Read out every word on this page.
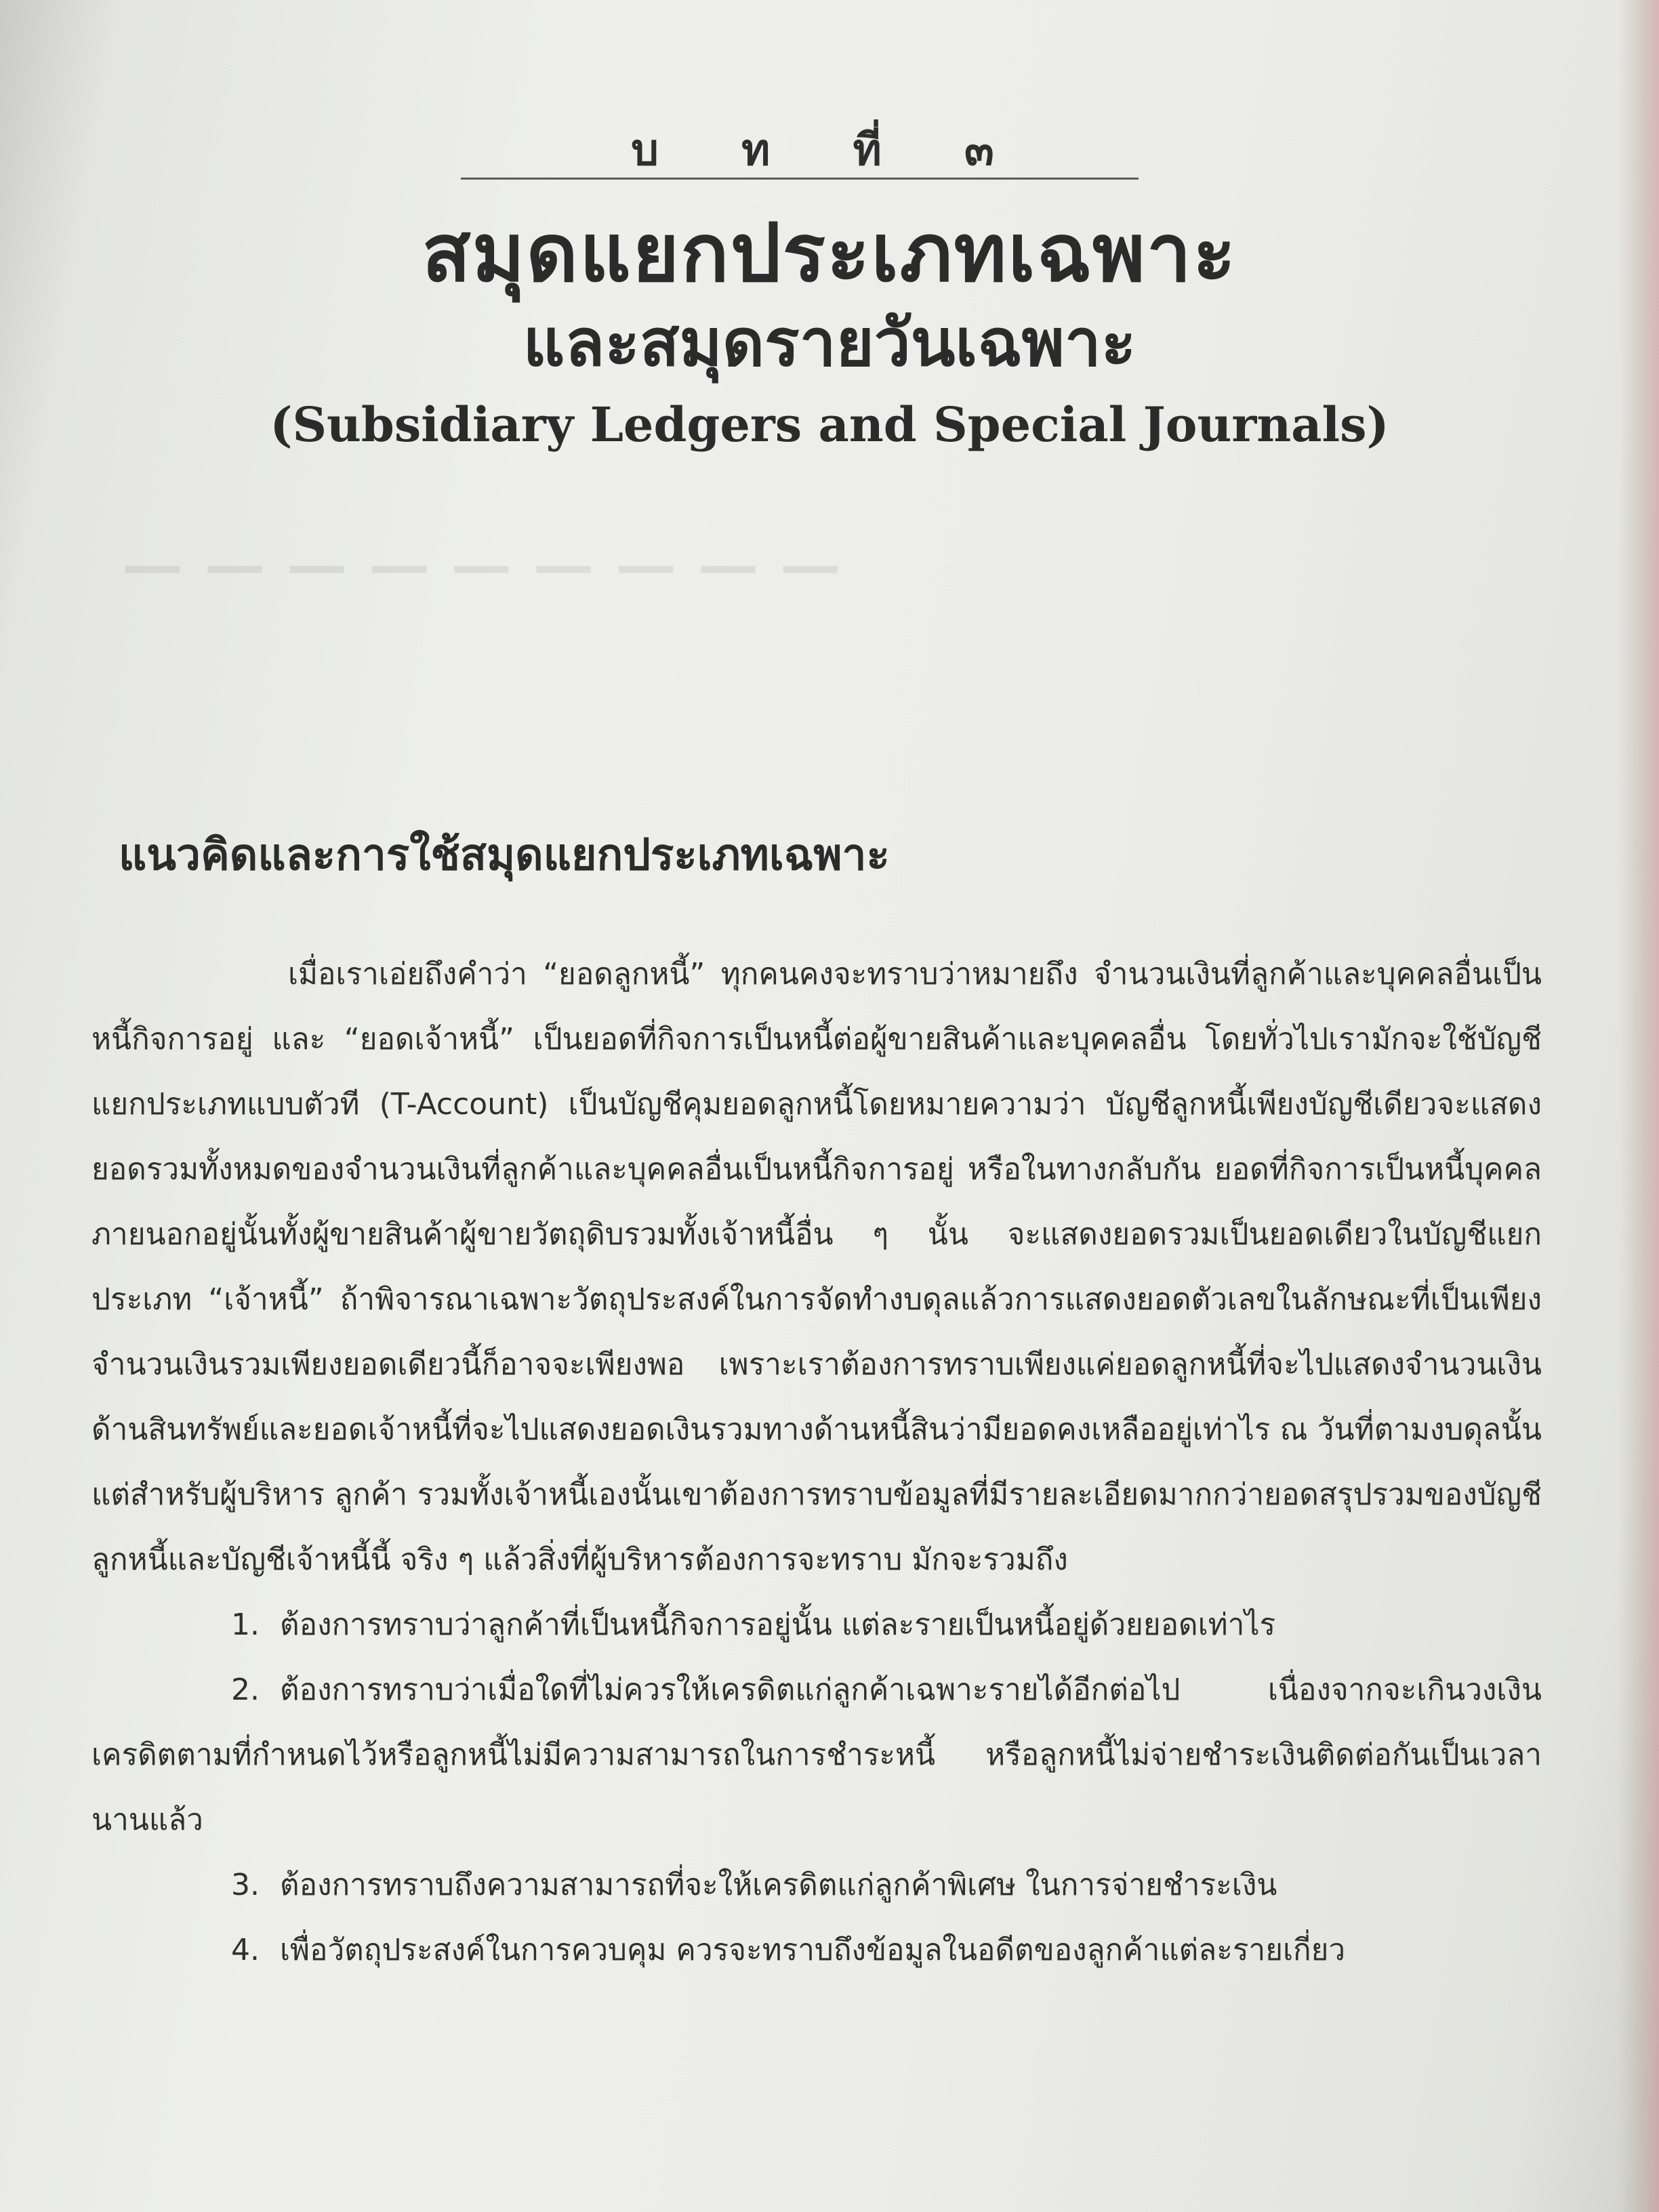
— — — — — — — — —
บ ท ที่ ๓
สมุดแยกประเภทเฉพาะ
และสมุดรายวันเฉพาะ
(Subsidiary Ledgers and Special Journals)
แนวคิดและการใช้สมุดแยกประเภทเฉพาะ

เมื่อเราเอ่ยถึงคำว่า “ยอดลูกหนี้” ทุกคนคงจะทราบว่าหมายถึง จำนวนเงินที่ลูกค้าและบุคคลอื่นเป็นหนี้กิจการอยู่ และ “ยอดเจ้าหนี้” เป็นยอดที่กิจการเป็นหนี้ต่อผู้ขายสินค้าและบุคคลอื่น โดยทั่วไปเรามักจะใช้บัญชีแยกประเภทแบบตัวที (T-Account) เป็นบัญชีคุมยอดลูกหนี้โดยหมายความว่า บัญชีลูกหนี้เพียงบัญชีเดียวจะแสดงยอดรวมทั้งหมดของจำนวนเงินที่ลูกค้าและบุคคลอื่นเป็นหนี้กิจการอยู่ หรือในทางกลับกัน ยอดที่กิจการเป็นหนี้บุคคลภายนอกอยู่นั้นทั้งผู้ขายสินค้าผู้ขายวัตถุดิบรวมทั้งเจ้าหนี้อื่น ๆ นั้น จะแสดงยอดรวมเป็นยอดเดียวในบัญชีแยกประเภท “เจ้าหนี้” ถ้าพิจารณาเฉพาะวัตถุประสงค์ในการจัดทำงบดุลแล้วการแสดงยอดตัวเลขในลักษณะที่เป็นเพียงจำนวนเงินรวมเพียงยอดเดียวนี้ก็อาจจะเพียงพอ เพราะเราต้องการทราบเพียงแค่ยอดลูกหนี้ที่จะไปแสดงจำนวนเงินด้านสินทรัพย์และยอดเจ้าหนี้ที่จะไปแสดงยอดเงินรวมทางด้านหนี้สินว่ามียอดคงเหลืออยู่เท่าไร ณ วันที่ตามงบดุลนั้น แต่สำหรับผู้บริหาร ลูกค้า รวมทั้งเจ้าหนี้เองนั้นเขาต้องการทราบข้อมูลที่มีรายละเอียดมากกว่ายอดสรุปรวมของบัญชีลูกหนี้และบัญชีเจ้าหนี้นี้ จริง ๆ แล้วสิ่งที่ผู้บริหารต้องการจะทราบ มักจะรวมถึง

1. ต้องการทราบว่าลูกค้าที่เป็นหนี้กิจการอยู่นั้น แต่ละรายเป็นหนี้อยู่ด้วยยอดเท่าไร
2. ต้องการทราบว่าเมื่อใดที่ไม่ควรให้เครดิตแก่ลูกค้าเฉพาะรายได้อีกต่อไป เนื่องจากจะเกินวงเงินเครดิตตามที่กำหนดไว้หรือลูกหนี้ไม่มีความสามารถในการชำระหนี้ หรือลูกหนี้ไม่จ่ายชำระเงินติดต่อกันเป็นเวลานานแล้ว
3. ต้องการทราบถึงความสามารถที่จะให้เครดิตแก่ลูกค้าพิเศษ ในการจ่ายชำระเงิน
4. เพื่อวัตถุประสงค์ในการควบคุม ควรจะทราบถึงข้อมูลในอดีตของลูกค้าแต่ละรายเกี่ยว
